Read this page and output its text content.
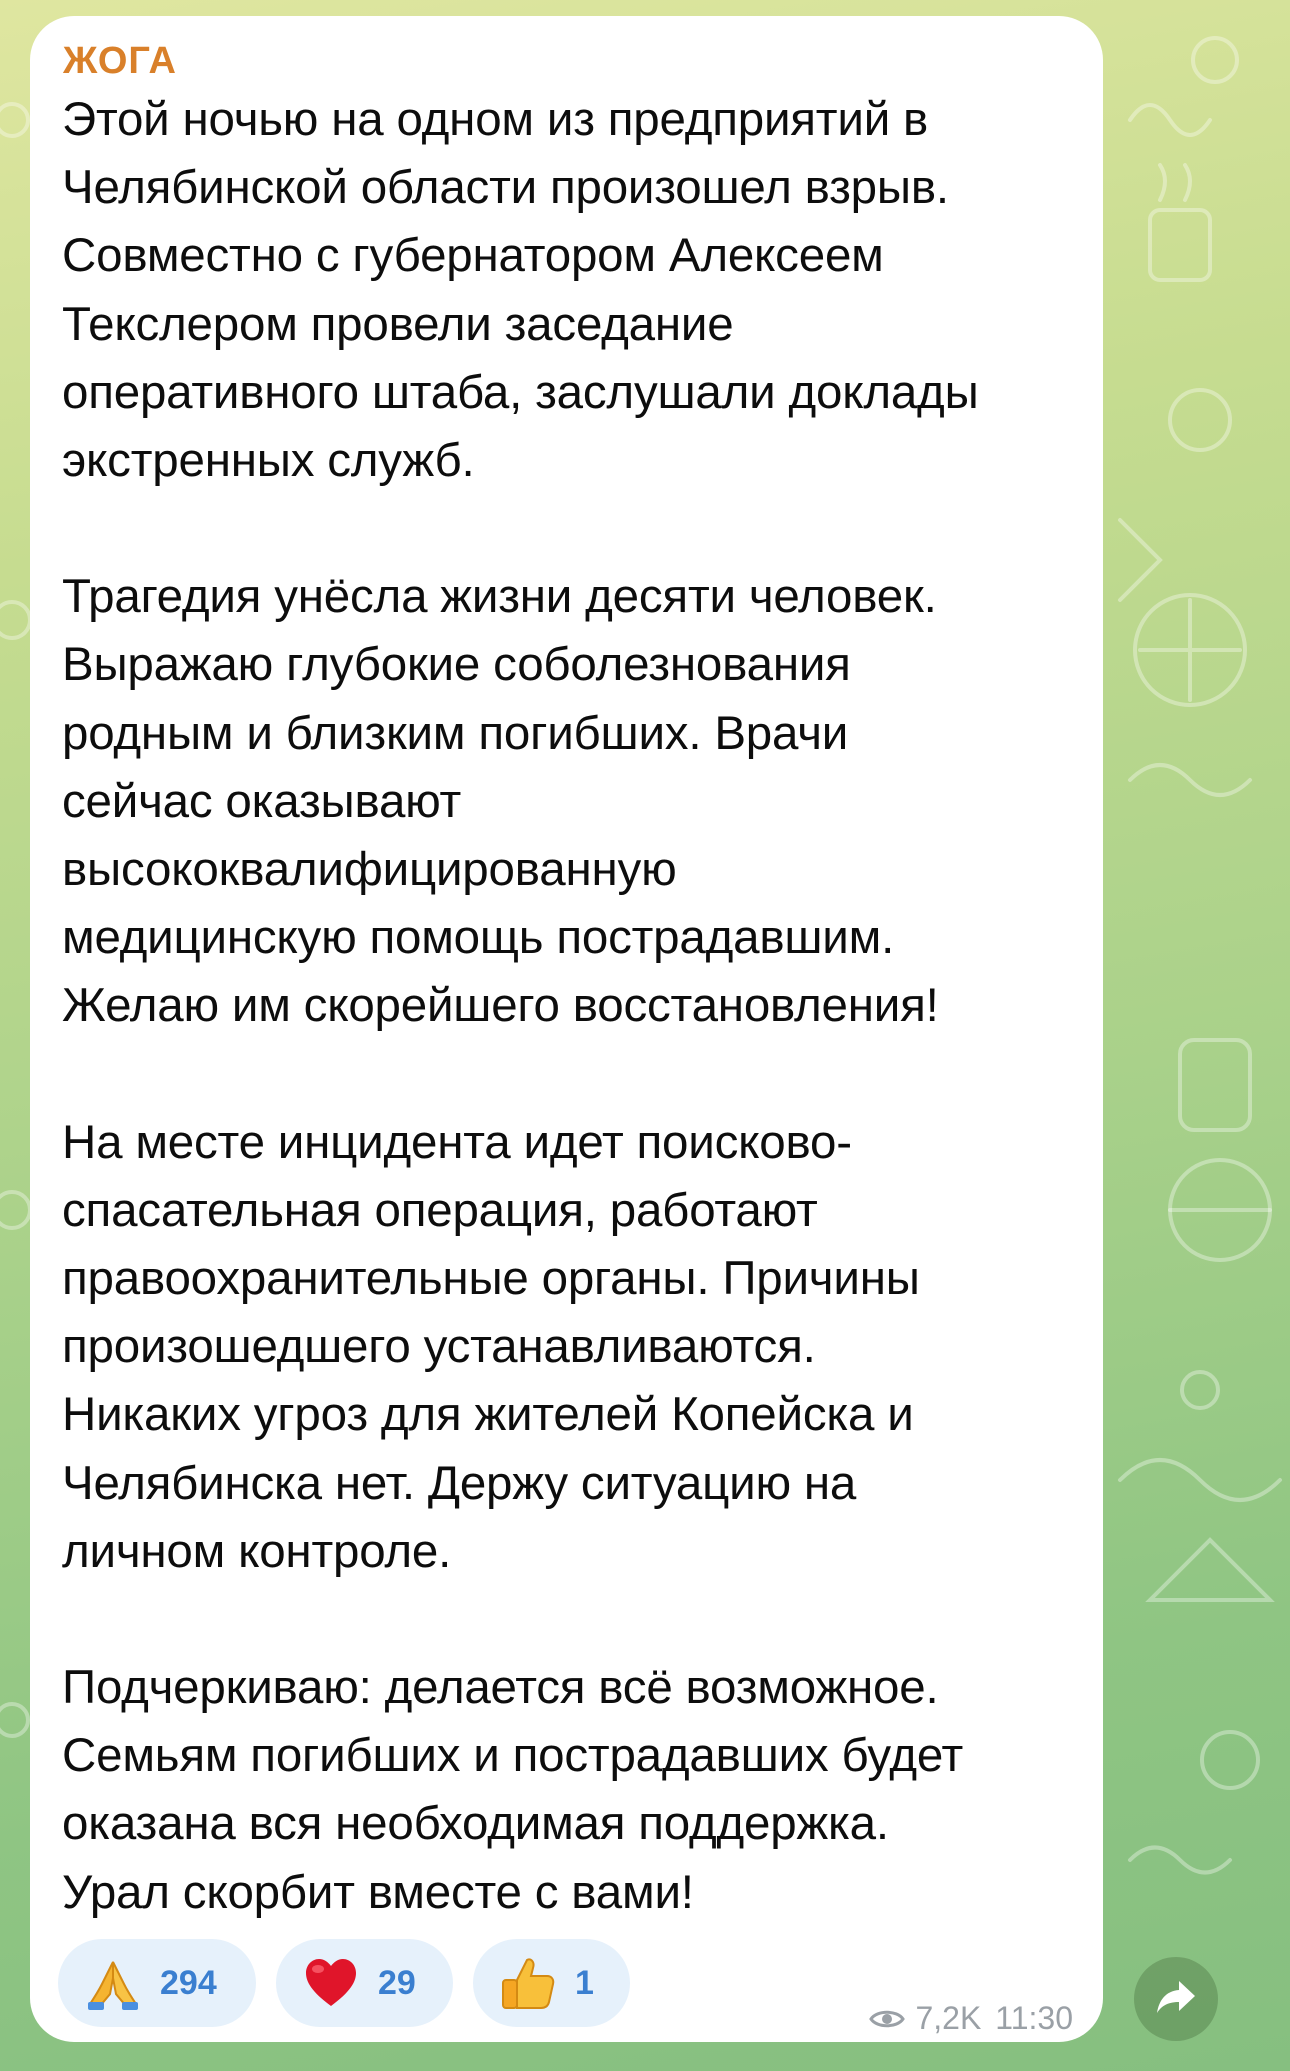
ЖОГА

Этой ночью на одном из предприятий в
Челябинской области произошел взрыв.
Совместно с губернатором Алексеем
Текслером провели заседание
оперативного штаба, заслушали доклады
экстренных служб.

Трагедия унёсла жизни десяти человек.
Выражаю глубокие соболезнования
родным и близким погибших. Врачи
сейчас оказывают
высококвалифицированную
медицинскую помощь пострадавшим.
Желаю им скорейшего восстановления!

На месте инцидента идет поисково-
спасательная операция, работают
правоохранительные органы. Причины
произошедшего устанавливаются.
Никаких угроз для жителей Копейска и
Челябинска нет. Держу ситуацию на
личном контроле.

Подчеркиваю: делается всё возможное.
Семьям погибших и пострадавших будет
оказана вся необходимая поддержка.
Урал скорбит вместе с вами!

294	29	1
7,2K 11:30
